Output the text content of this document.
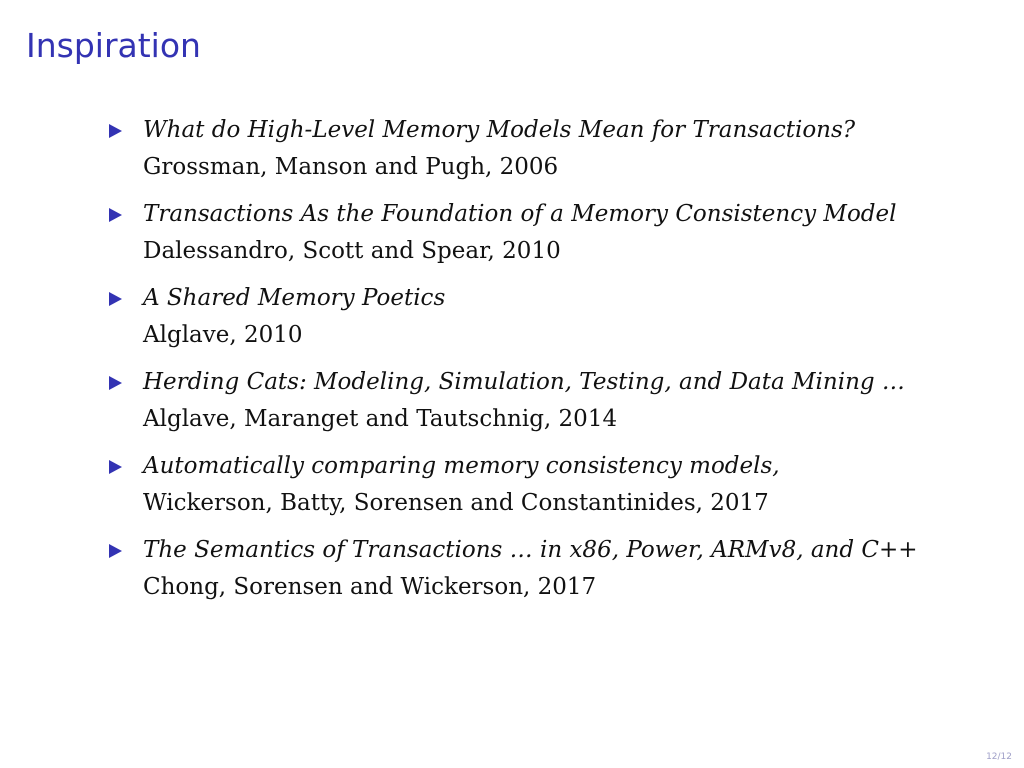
Inspiration
What do High-Level Memory Models Mean for Transactions?
Grossman, Manson and Pugh, 2006
Transactions As the Foundation of a Memory Consistency Model
Dalessandro, Scott and Spear, 2010
A Shared Memory Poetics
Alglave, 2010
Herding Cats: Modeling, Simulation, Testing, and Data Mining …
Alglave, Maranget and Tautschnig, 2014
Automatically comparing memory consistency models,
Wickerson, Batty, Sorensen and Constantinides, 2017
The Semantics of Transactions … in x86, Power, ARMv8, and C++
Chong, Sorensen and Wickerson, 2017
12/12
